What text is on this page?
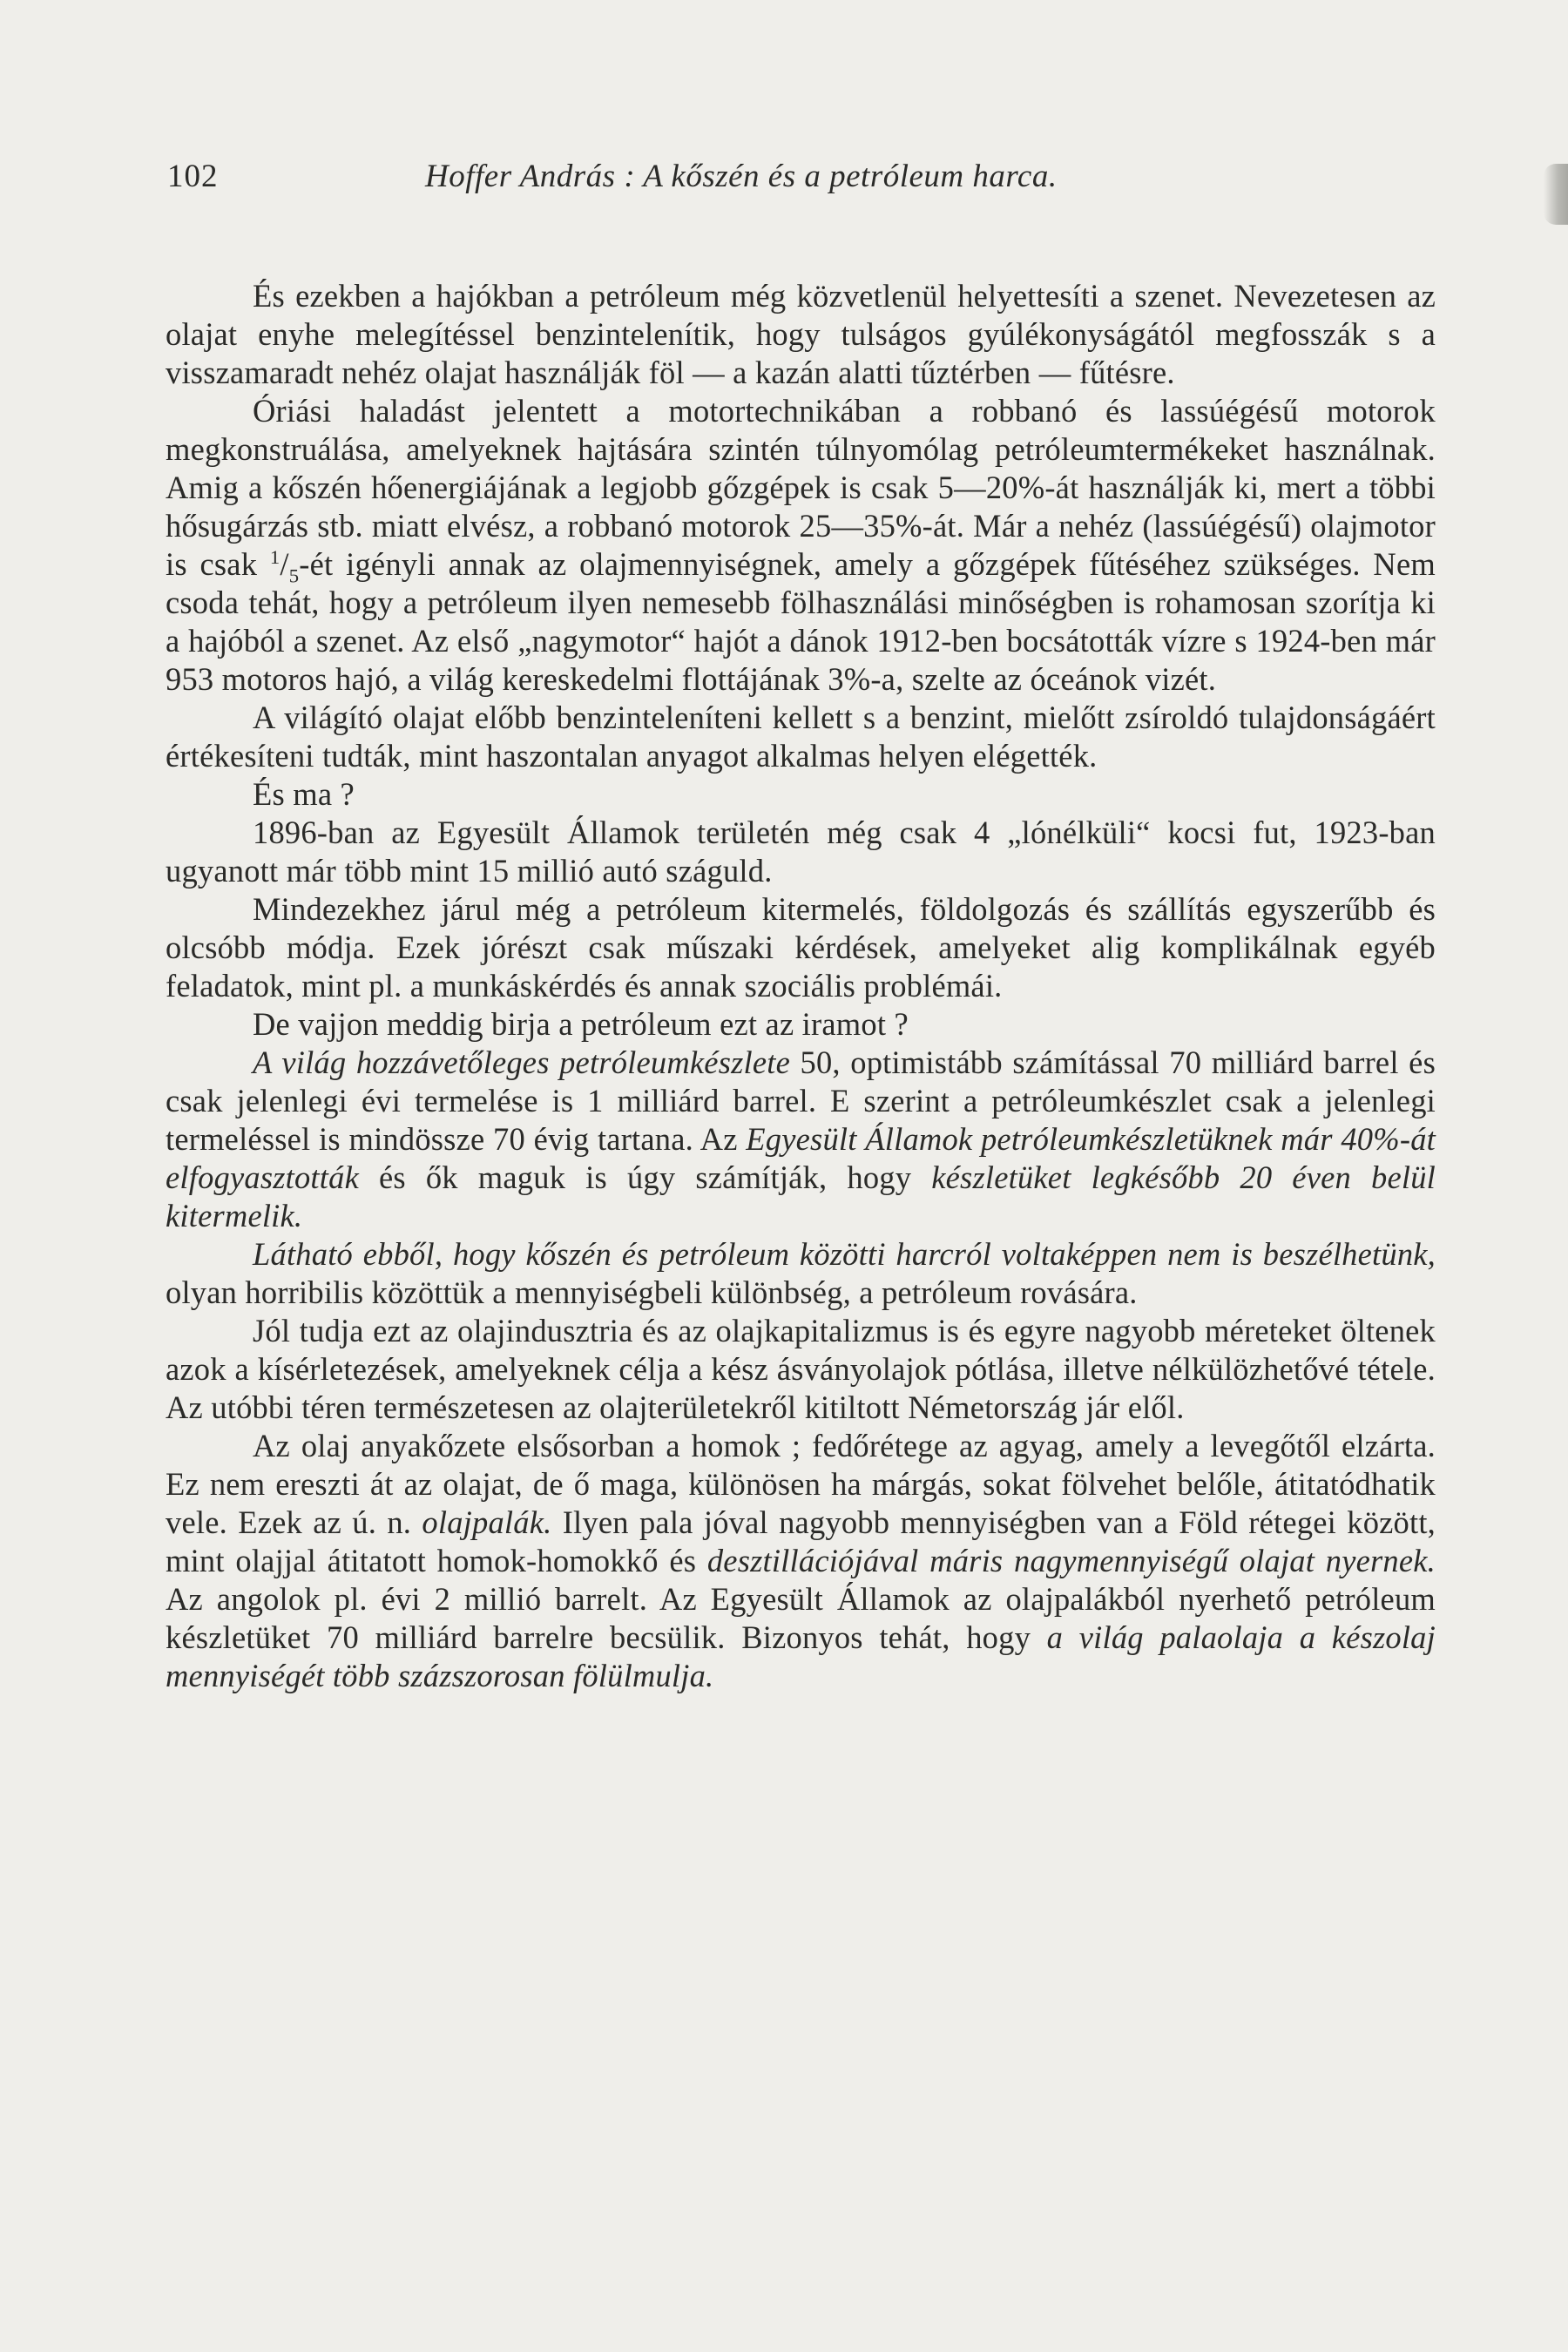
102	Hoffer András : A kőszén és a petróleum harca.

És ezekben a hajókban a petróleum még közvetlenül helyettesíti a szenet. Nevezetesen az olajat enyhe melegítéssel benzintelenítik, hogy tulságos gyúlékonyságától megfosszák s a visszamaradt nehéz olajat használják föl — a kazán alatti tűztérben — fűtésre.

Óriási haladást jelentett a motortechnikában a robbanó és lassúégésű motorok megkonstruálása, amelyeknek hajtására szintén túlnyomólag petróleumtermékeket használnak. Amig a kőszén hőenergiájának a legjobb gőzgépek is csak 5—20%-át használják ki, mert a többi hősugárzás stb. miatt elvész, a robbanó motorok 25—35%-át. Már a nehéz (lassúégésű) olajmotor is csak $^1/_5-ét$ igényli annak az olajmennyiségnek, amely a gőzgépek fűtéséhez szükséges. Nem csoda tehát, hogy a petróleum ilyen nemesebb fölhasználási minőségben is rohamosan szorítja ki a hajóból a szenet. Az első „nagymotor“ hajót a dánok 1912-ben bocsátották vízre s 1924-ben már 953 motoros hajó, a világ kereskedelmi flottájának 3%-a, szelte az óceánok vizét.

A világító olajat előbb benzinteleníteni kellett s a benzint, mielőtt zsíroldó tulajdonságáért értékesíteni tudták, mint haszontalan anyagot alkalmas helyen elégették.

És ma ?

1896-ban az Egyesült Államok területén még csak 4 „lónélküli“ kocsi fut, 1923-ban ugyanott már több mint 15 millió autó száguld.

Mindezekhez járul még a petróleum kitermelés, földolgozás és szállítás egyszerűbb és olcsóbb módja. Ezek jórészt csak műszaki kérdések, amelyeket alig komplikálnak egyéb feladatok, mint pl. a munkáskérdés és annak szociális problémái.

De vajjon meddig birja a petróleum ezt az iramot ?

A világ hozzávetőleges petróleumkészlete 50, optimistább számítással 70 milliárd barrel és csak jelenlegi évi termelése is 1 milliárd barrel. E szerint a petróleumkészlet csak a jelenlegi termeléssel is mindössze 70 évig tartana. Az Egyesült Államok petróleumkészletüknek már 40%-át elfogyasztották és ők maguk is úgy számítják, hogy készletüket legkésőbb 20 éven belül kitermelik.

Látható ebből, hogy kőszén és petróleum közötti harcról voltaképpen nem is beszélhetünk, olyan horribilis közöttük a mennyiségbeli különbség, a petróleum rovására.

Jól tudja ezt az olajindusztria és az olajkapitalizmus is és egyre nagyobb méreteket öltenek azok a kísérletezések, amelyeknek célja a kész ásványolajok pótlása, illetve nélkülözhetővé tétele. Az utóbbi téren természetesen az olajterületekről kitiltott Németország jár elől.

Az olaj anyakőzete elsősorban a homok ; fedőrétege az agyag, amely a levegőtől elzárta. Ez nem ereszti át az olajat, de ő maga, különösen ha márgás, sokat fölvehet belőle, átitatódhatik vele. Ezek az ú. n. olajpalák. Ilyen pala jóval nagyobb mennyiségben van a Föld rétegei között, mint olajjal átitatott homok-homokkő és desztillációjával máris nagymennyiségű olajat nyernek. Az angolok pl. évi 2 millió barrelt. Az Egyesült Államok az olajpalákból nyerhető petróleum készletüket 70 milliárd barrelre becsülik. Bizonyos tehát, hogy a világ palaolaja a készolaj mennyiségét több százszorosan fölülmulja.
